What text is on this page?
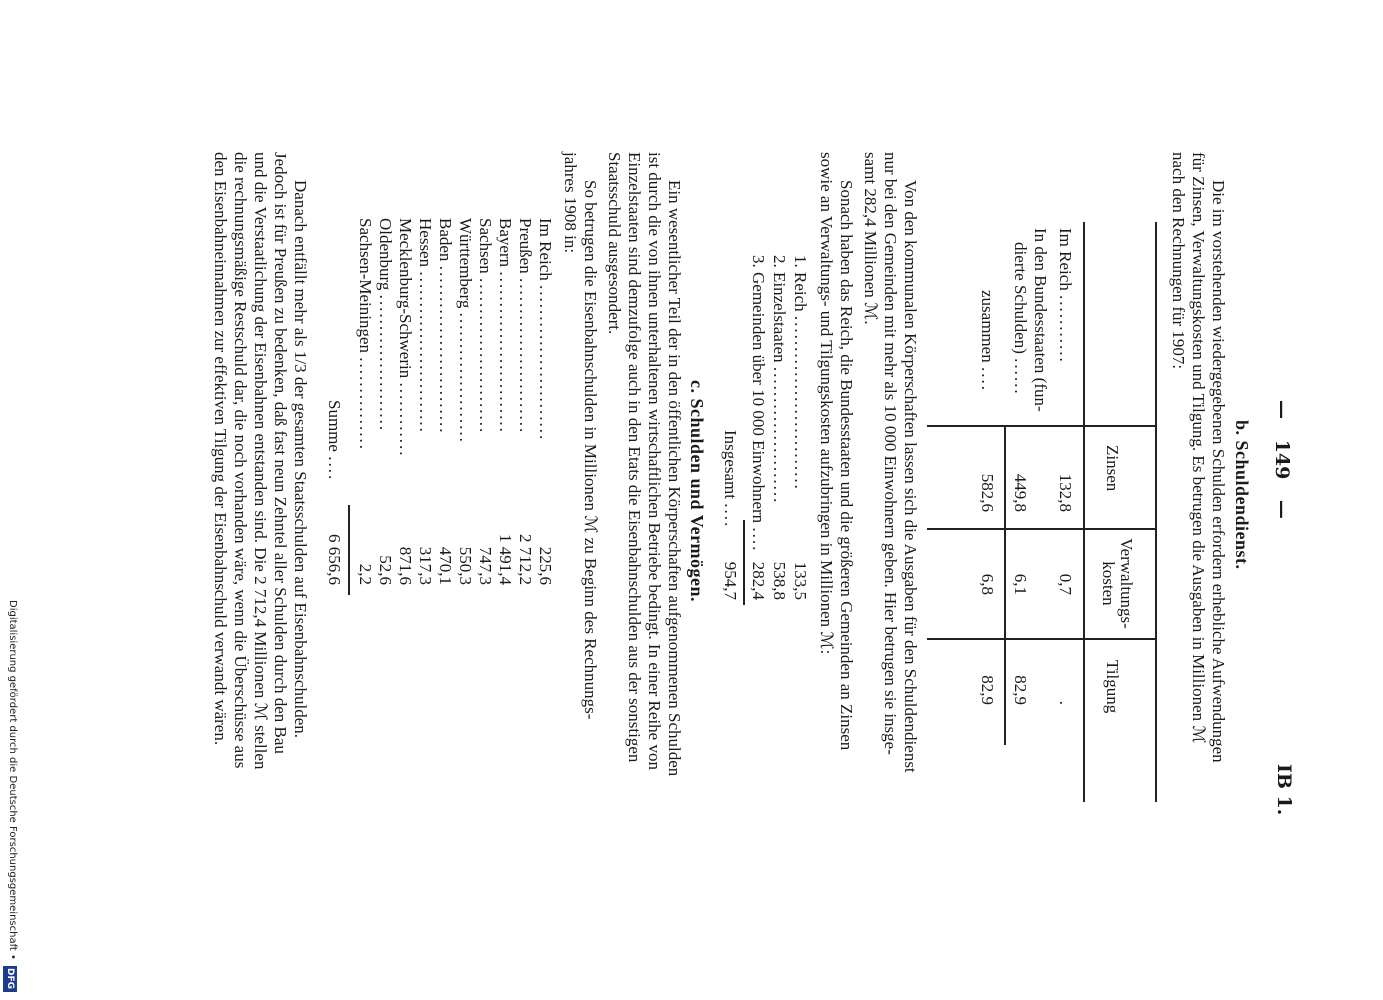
Digitalisierung gefördert durch die Deutsche Forschungsgemeinschaft •
DFG
— 149 —
IB 1.
b. Schuldendienst.
Die im vorstehenden wiedergegebenen Schulden erfordern erhebliche Aufwendungen
für Zinsen, Verwaltungskosten und Tilgung. Es betrugen die Ausgaben in Millionen ℳ
nach den Rechnungen für 1907:
Zinsen
Verwaltungs-
kosten
Tilgung
Im Reich ...........
132,8
0,7
.
In den Bundesstaaten (fun-
dierte Schulden) ......
449,8
6,1
82,9
zusammen ....
582,6
6,8
82,9
Von den kommunalen Körperschaften lassen sich die Ausgaben für den Schuldendienst
nur bei den Gemeinden mit mehr als 10 000 Einwohnern geben. Hier betrugen sie insge-
samt 282,4 Millionen ℳ.
Sonach haben das Reich, die Bundesstaaten und die größeren Gemeinden an Zinsen
sowie an Verwaltungs- und Tilgungskosten aufzubringen in Millionen ℳ:
1. Reich ............................
133,5
2. Einzelstaaten ......................
538,8
3. Gemeinden über 10 000 Einwohnern ....
282,4
Insgesamt ....
954,7
c. Schulden und Vermögen.
Ein wesentlicher Teil der in den öffentlichen Körperschaften aufgenommenen Schulden
ist durch die von ihnen unterhaltenen wirtschaftlichen Betriebe bedingt. In einer Reihe von
Einzelstaaten sind demzufolge auch in den Etats die Eisenbahnschulden aus der sonstigen
Staatsschuld ausgesondert.
So betrugen die Eisenbahnschulden in Millionen ℳ zu Beginn des Rechnungs-
jahres 1908 in:
Im Reich .........................
225,6
Preußen .........................
2 712,2
Bayern ..........................
1 491,4
Sachsen .........................
747,3
Württemberg .....................
550,3
Baden ...........................
470,1
Hessen ..........................
317,3
Mecklenburg-Schwerin ............
871,6
Oldenburg ......................
52,6
Sachsen-Meiningen ...............
2,2
Summe ....
6 656,6
Danach entfällt mehr als 1/3 der gesamten Staatsschulden auf Eisenbahnschulden.
Jedoch ist für Preußen zu bedenken, daß fast neun Zehntel aller Schulden durch den Bau
und die Verstaatlichung der Eisenbahnen entstanden sind. Die 2 712,4 Millionen ℳ stellen
die rechnungsmäßige Restschuld dar, die noch vorhanden wäre, wenn die Überschüsse aus
den Eisenbahneinnahmen zur effektiven Tilgung der Eisenbahnschuld verwandt wären.
